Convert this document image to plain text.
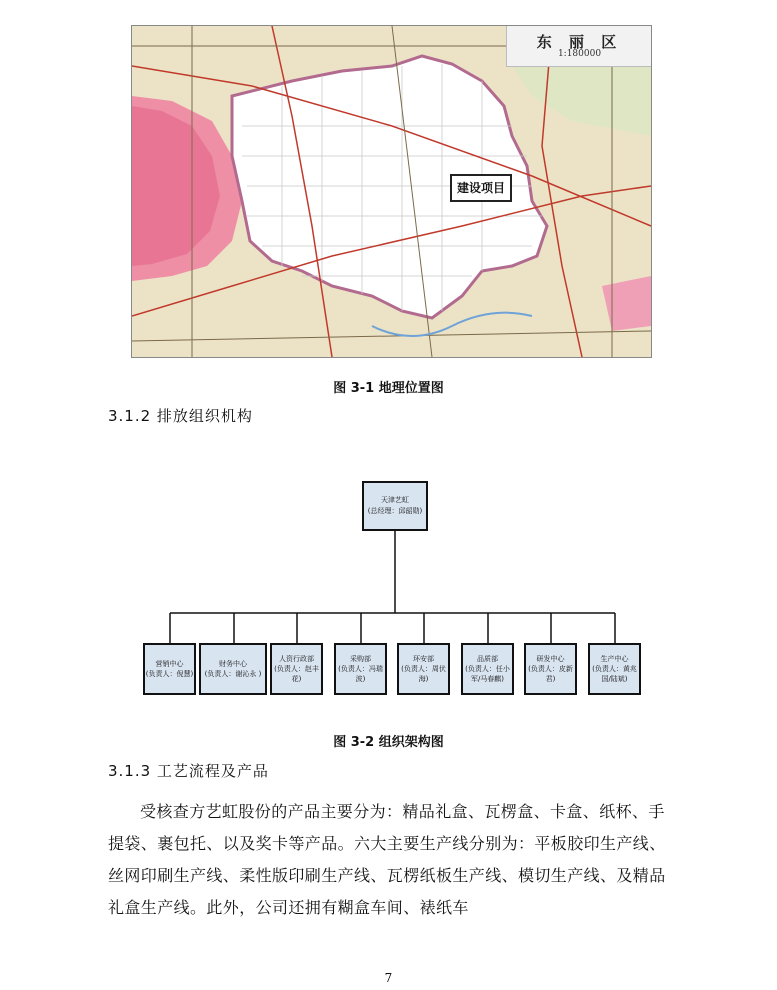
东 丽 区
1:180000
建设项目
图 3-1 地理位置图
3.1.2 排放组织机构
天津艺虹
(总经理：邱韶勋)
营销中心
(负责人：倪慧)
财务中心
(负责人：谢沁永 )
人资行政部
(负责人：赵丰花)
采购部
(负责人：冯瑞波)
环安部
(负责人：周伏海)
品质部
(负责人：任小军/马春麒)
研发中心
(负责人：皮新君)
生产中心
(负责人：黄兆国/陆斌)
图 3-2 组织架构图
3.1.3 工艺流程及产品
受核查方艺虹股份的产品主要分为：精品礼盒、瓦楞盒、卡盒、纸杯、手提袋、裹包托、以及奖卡等产品。六大主要生产线分别为：平板胶印生产线、丝网印刷生产线、柔性版印刷生产线、瓦楞纸板生产线、模切生产线、及精品礼盒生产线。此外，公司还拥有糊盒车间、裱纸车
7
